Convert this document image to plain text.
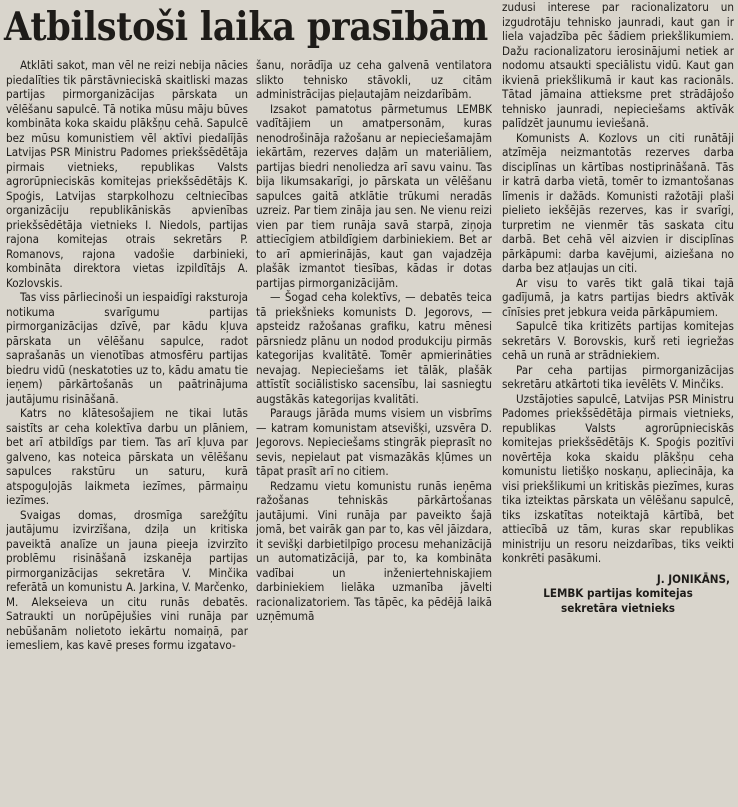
Atbilstoši laika prasībām

Atklāti sakot, man vēl ne reizi nebija nācies piedalīties tik pārstāvnieciskā skaitliski mazas partijas pirmorganizācijas pārskata un vēlēšanu sapulcē. Tā notika mūsu māju būves kombināta koka skaidu plākšņu cehā. Sapulcē bez mūsu komunistiem vēl aktīvi piedalījās Latvijas PSR Ministru Padomes priekšsēdētāja pirmais vietnieks, republikas Valsts agrorūpnieciskās komitejas priekšsēdētājs K. Spoģis, Latvijas starpkolhozu celtniecības organizāciju republikāniskās apvienības priekšsēdētāja vietnieks I. Niedols, partijas rajona komitejas otrais sekretārs P. Romanovs, rajona vadošie darbinieki, kombināta direktora vietas izpildītājs A. Kozlovskis.

Tas viss pārliecinoši un iespaidīgi raksturoja notikuma svarīgumu partijas pirmorganizācijas dzīvē, par kādu kļuva pārskata un vēlēšanu sapulce, radot saprašanās un vienotības atmosfēru partijas biedru vidū (neskatoties uz to, kādu amatu tie ieņem) pārkārtošanās un paātrinājuma jautājumu risināšanā.

Katrs no klātesošajiem ne tikai lutās saistīts ar ceha kolektīva darbu un plāniem, bet arī atbildīgs par tiem. Tas arī kļuva par galveno, kas noteica pārskata un vēlēšanu sapulces rakstūru un saturu, kurā atspoguļojās laikmeta iezīmes, pārmaiņu iezīmes.

Svaigas domas, drosmīga sarežģītu jautājumu izvirzīšana, dziļa un kritiska paveiktā analīze un jauna pieeja izvirzīto problēmu risināšanā izskanēja partijas pirmorganizācijas sekretāra V. Minčika referātā un komunistu A. Jarkina, V. Marčenko, M. Alekseieva un citu runās debatēs. Satraukti un norūpējušies vini runāja par nebūšanām nolietoto iekārtu nomaiņā, par iemesliem, kas kavē preses formu izgatavo-

šanu, norādīja uz ceha galvenā ventilatora slikto tehnisko stāvokli, uz citām administrācijas pieļautajām neizdarībām.

Izsakot pamatotus pārmetumus LEMBK vadītājiem un amatpersonām, kuras nenodrošināja ražošanu ar nepieciešamajām iekārtām, rezerves daļām un materiāliem, partijas biedri nenoliedza arī savu vainu. Tas bija likumsakarīgi, jo pārskata un vēlēšanu sapulces gaitā atklātie trūkumi neradās uzreiz. Par tiem zināja jau sen. Ne vienu reizi vien par tiem runāja savā starpā, ziņoja attiecīgiem atbildīgiem darbiniekiem. Bet ar to arī apmierinājās, kaut gan vajadzēja plašāk izmantot tiesības, kādas ir dotas partijas pirmorganizācijām.

— Šogad ceha kolektīvs, — debatēs teica tā priekšnieks komunists D. Jegorovs, — apsteidz ražošanas grafiku, katru mēnesi pārsniedz plānu un nodod produkciju pirmās kategorijas kvalitātē. Tomēr apmierināties nevajag. Nepieciešams iet tālāk, plašāk attīstīt sociālistisko sacensību, lai sasniegtu augstākās kategorijas kvalitāti.

Paraugs jārāda mums visiem un visbrīms — katram komunistam atsevišķi, uzsvēra D. Jegorovs. Nepieciešams stingrāk pieprasīt no sevis, nepielaut pat vismazākās kļūmes un tāpat prasīt arī no citiem.

Redzamu vietu komunistu runās ieņēma ražošanas tehniskās pārkārtošanas jautājumi. Vini runāja par paveikto šajā jomā, bet vairāk gan par to, kas vēl jāizdara, it sevišķi darbietilpīgo procesu mehanizācijā un automatizācijā, par to, ka kombināta vadībai un inženiertehniskajiem darbiniekiem lielāka uzmanība jāvelti racionalizatoriem. Tas tāpēc, ka pēdējā laikā uzņēmumā

zudusi interese par racionalizatoru un izgudrotāju tehnisko jaunradi, kaut gan ir liela vajadzība pēc šādiem priekšlikumiem. Dažu racionalizatoru ierosinājumi netiek ar nodomu atsaukti speciālistu vidū. Kaut gan ikvienā priekšlikumā ir kaut kas racionāls. Tātad jāmaina attieksme pret strādājošo tehnisko jaunradi, nepieciešams aktīvāk palīdzēt jaunumu ieviešanā.

Komunists A. Kozlovs un citi runātāji atzīmēja neizmantotās rezerves darba disciplīnas un kārtības nostiprināšanā. Tās ir katrā darba vietā, tomēr to izmantošanas līmenis ir dažāds. Komunisti ražotāji plaši pielieto iekšējās rezerves, kas ir svarīgi, turpretim ne vienmēr tās saskata citu darbā. Bet cehā vēl aizvien ir disciplīnas pārkāpumi: darba kavējumi, aiziešana no darba bez atļaujas un citi.

Ar visu to varēs tikt galā tikai tajā gadījumā, ja katrs partijas biedrs aktīvāk cīnīsies pret jebkura veida pārkāpumiem.

Sapulcē tika kritizēts partijas komitejas sekretārs V. Borovskis, kurš reti iegriežas cehā un runā ar strādniekiem.

Par ceha partijas pirmorganizācijas sekretāru atkārtoti tika ievēlēts V. Minčiks.

Uzstājoties sapulcē, Latvijas PSR Ministru Padomes priekšsēdētāja pirmais vietnieks, republikas Valsts agrorūpnieciskās komitejas priekšsēdētājs K. Spoģis pozitīvi novērtēja koka skaidu plākšņu ceha komunistu lietišķo noskaņu, apliecināja, ka visi priekšlikumi un kritiskās piezīmes, kuras tika izteiktas pārskata un vēlēšanu sapulcē, tiks izskatītas noteiktajā kārtībā, bet attiecībā uz tām, kuras skar republikas ministriju un resoru neizdarības, tiks veikti konkrēti pasākumi.

J. JONIKĀNS,

LEMBK partijas komitejas

sekretāra vietnieks
